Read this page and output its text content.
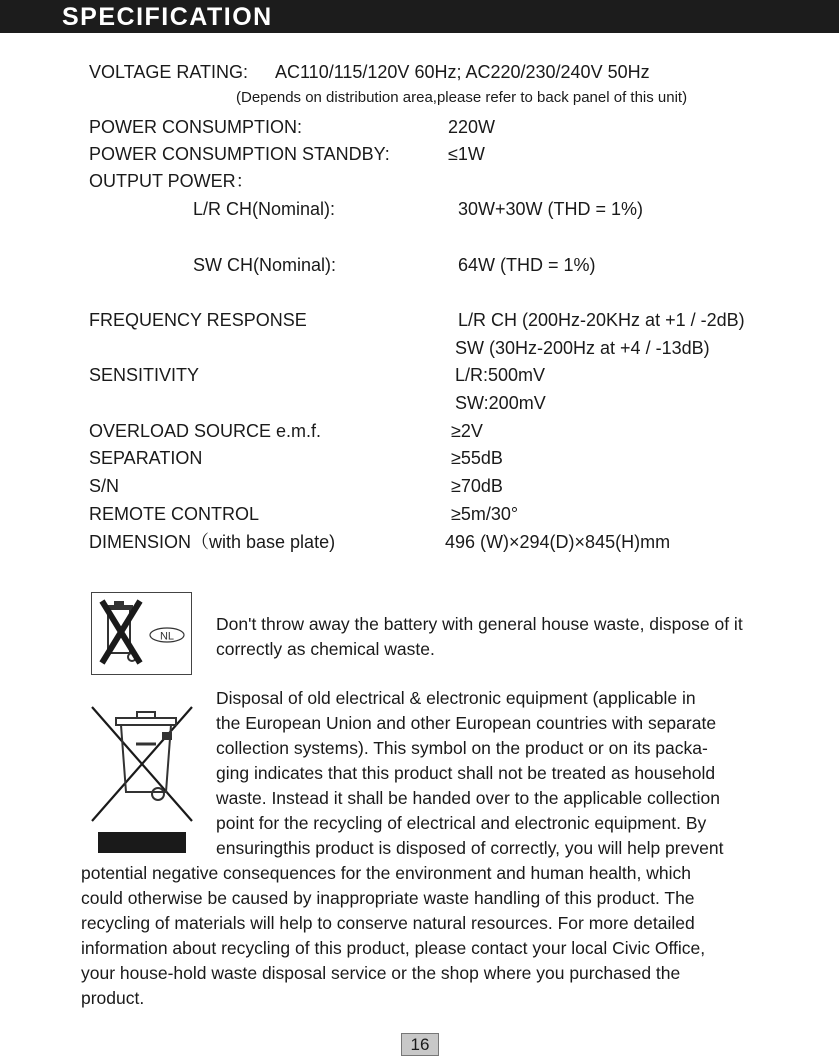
SPECIFICATION
VOLTAGE RATING: AC110/115/120V 60Hz; AC220/230/240V 50Hz
(Depends on distribution area,please refer to back panel of this unit)
POWER CONSUMPTION:	220W
POWER CONSUMPTION STANDBY:	≤1W
OUTPUT POWER：
L/R CH(Nominal):	30W+30W (THD = 1%)
SW CH(Nominal):	64W (THD = 1%)
FREQUENCY RESPONSE	L/R CH (200Hz-20KHz at +1 / -2dB)
SW (30Hz-200Hz at +4 / -13dB)
SENSITIVITY	L/R:500mV
SW:200mV
OVERLOAD SOURCE e.m.f.	≥2V
SEPARATION	≥55dB
S/N	≥70dB
REMOTE CONTROL	≥5m/30°
DIMENSION（with base plate)	496 (W)×294(D)×845(H)mm
NL
Don't throw away the battery with general house waste, dispose of it correctly as chemical waste.
Disposal of old electrical & electronic equipment (applicable in
the European Union and other European countries with separate
collection systems). This symbol on the product or on its packa-
ging indicates that this product shall not be treated as household
waste. Instead it shall be handed over to the applicable collection
point for the recycling of electrical and electronic equipment. By
ensuringthis product is disposed of correctly, you will help prevent
potential negative consequences for the environment and human health, which
could otherwise be caused by inappropriate waste handling of this product. The
recycling of materials will help to conserve natural resources. For more detailed
information about recycling of this product, please contact your local Civic Office,
your house-hold waste disposal service or the shop where you purchased the
product.
16
